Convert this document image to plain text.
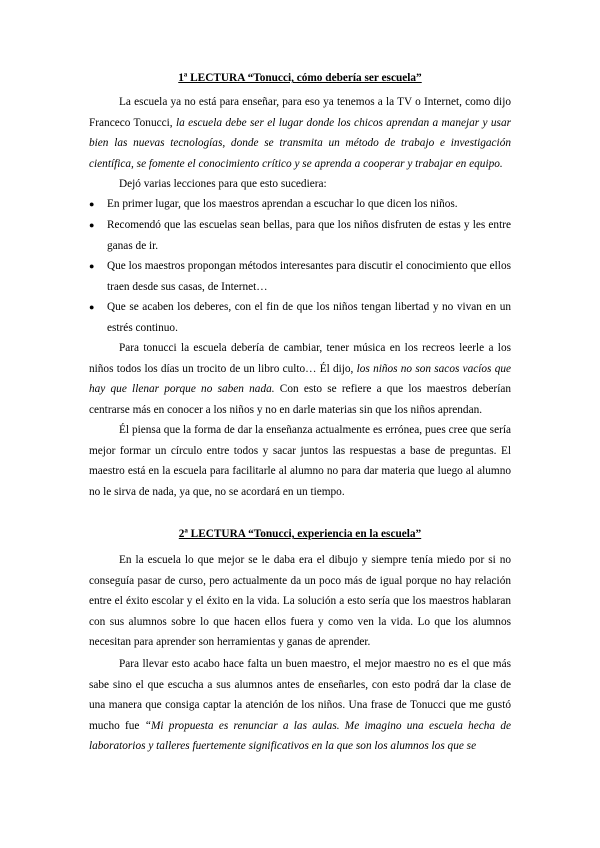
1ª LECTURA “Tonucci, cómo debería ser escuela”

La escuela ya no está para enseñar, para eso ya tenemos a la TV o Internet, como dijo Franceco Tonucci, la escuela debe ser el lugar donde los chicos aprendan a manejar y usar bien las nuevas tecnologías, donde se transmita un método de trabajo e investigación científica, se fomente el conocimiento crítico y se aprenda a cooperar y trabajar en equipo.

Dejó varias lecciones para que esto sucediera:

● En primer lugar, que los maestros aprendan a escuchar lo que dicen los niños.
● Recomendó que las escuelas sean bellas, para que los niños disfruten de estas y les entre ganas de ir.
● Que los maestros propongan métodos interesantes para discutir el conocimiento que ellos traen desde sus casas, de Internet…
● Que se acaben los deberes, con el fin de que los niños tengan libertad y no vivan en un estrés continuo.

Para tonucci la escuela debería de cambiar, tener música en los recreos leerle a los niños todos los días un trocito de un libro culto… Él dijo, los niños no son sacos vacíos que hay que llenar porque no saben nada. Con esto se refiere a que los maestros deberían centrarse más en conocer a los niños y no en darle materias sin que los niños aprendan.

Él piensa que la forma de dar la enseñanza actualmente es errónea, pues cree que sería mejor formar un círculo entre todos y sacar juntos las respuestas a base de preguntas. El maestro está en la escuela para facilitarle al alumno no para dar materia que luego al alumno no le sirva de nada, ya que, no se acordará en un tiempo.

2ª LECTURA “Tonucci, experiencia en la escuela”

En la escuela lo que mejor se le daba era el dibujo y siempre tenía miedo por si no conseguía pasar de curso, pero actualmente da un poco más de igual porque no hay relación entre el éxito escolar y el éxito en la vida. La solución a esto sería que los maestros hablaran con sus alumnos sobre lo que hacen ellos fuera y como ven la vida. Lo que los alumnos necesitan para aprender son herramientas y ganas de aprender.

Para llevar esto acabo hace falta un buen maestro, el mejor maestro no es el que más sabe sino el que escucha a sus alumnos antes de enseñarles, con esto podrá dar la clase de una manera que consiga captar la atención de los niños. Una frase de Tonucci que me gustó mucho fue “Mi propuesta es renunciar a las aulas. Me imagino una escuela hecha de laboratorios y talleres fuertemente significativos en la que son los alumnos los que se
